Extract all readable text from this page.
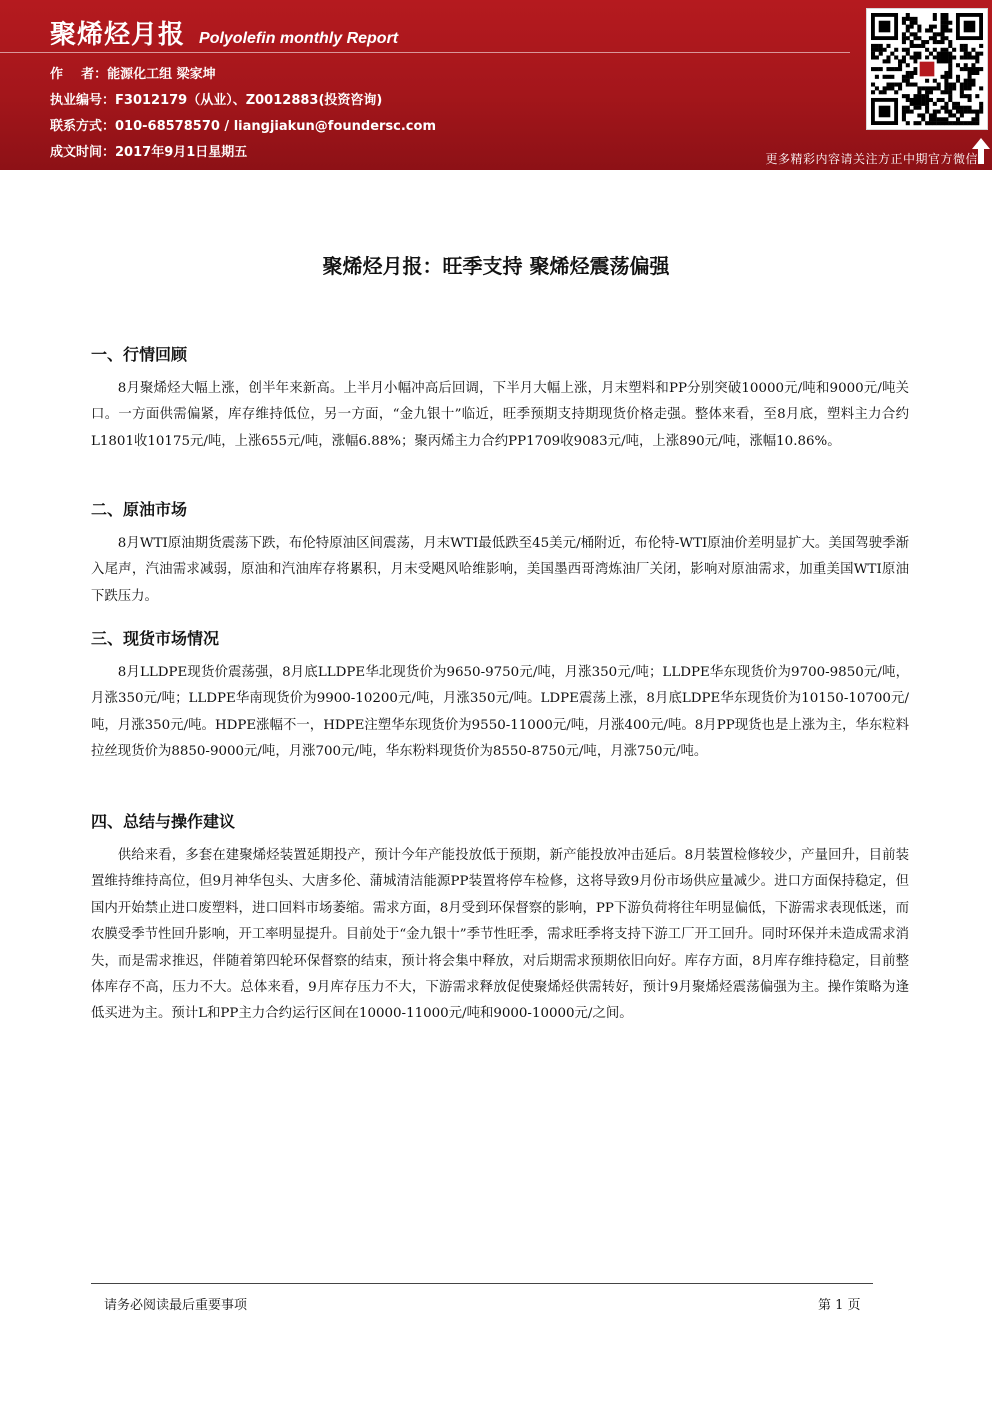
聚烯烃月报 Polyolefin monthly Report
作    者：能源化工组 梁家坤
执业编号：F3012179（从业）、Z0012883(投资咨询)
联系方式：010-68578570 / liangjiakun@foundersc.com
成文时间：2017年9月1日星期五	更多精彩内容请关注方正中期官方微信
聚烯烃月报：旺季支持 聚烯烃震荡偏强
一、行情回顾

8月聚烯烃大幅上涨，创半年来新高。上半月小幅冲高后回调，下半月大幅上涨，月末塑料和PP分别突破10000元/吨和9000元/吨关口。一方面供需偏紧，库存维持低位，另一方面，“金九银十”临近，旺季预期支持期现货价格走强。整体来看，至8月底，塑料主力合约L1801收10175元/吨，上涨655元/吨，涨幅6.88%；聚丙烯主力合约PP1709收9083元/吨，上涨890元/吨，涨幅10.86%。

二、原油市场

8月WTI原油期货震荡下跌，布伦特原油区间震荡，月末WTI最低跌至45美元/桶附近，布伦特-WTI原油价差明显扩大。美国驾驶季渐入尾声，汽油需求减弱，原油和汽油库存将累积，月末受飓风哈维影响，美国墨西哥湾炼油厂关闭，影响对原油需求，加重美国WTI原油下跌压力。

三、现货市场情况

8月LLDPE现货价震荡强，8月底LLDPE华北现货价为9650-9750元/吨，月涨350元/吨；LLDPE华东现货价为9700-9850元/吨，月涨350元/吨；LLDPE华南现货价为9900-10200元/吨，月涨350元/吨。LDPE震荡上涨，8月底LDPE华东现货价为10150-10700元/吨，月涨350元/吨。HDPE涨幅不一，HDPE注塑华东现货价为9550-11000元/吨，月涨400元/吨。8月PP现货也是上涨为主，华东粒料拉丝现货价为8850-9000元/吨，月涨700元/吨，华东粉料现货价为8550-8750元/吨，月涨750元/吨。

四、总结与操作建议

供给来看，多套在建聚烯烃装置延期投产，预计今年产能投放低于预期，新产能投放冲击延后。8月装置检修较少，产量回升，目前装置维持维持高位，但9月神华包头、大唐多伦、蒲城清洁能源PP装置将停车检修，这将导致9月份市场供应量减少。进口方面保持稳定，但国内开始禁止进口废塑料，进口回料市场萎缩。需求方面，8月受到环保督察的影响，PP下游负荷将往年明显偏低，下游需求表现低迷，而农膜受季节性回升影响，开工率明显提升。目前处于“金九银十”季节性旺季，需求旺季将支持下游工厂开工回升。同时环保并未造成需求消失，而是需求推迟，伴随着第四轮环保督察的结束，预计将会集中释放，对后期需求预期依旧向好。库存方面，8月库存维持稳定，目前整体库存不高，压力不大。总体来看，9月库存压力不大，下游需求释放促使聚烯烃供需转好，预计9月聚烯烃震荡偏强为主。操作策略为逢低买进为主。预计L和PP主力合约运行区间在10000-11000元/吨和9000-10000元/之间。

请务必阅读最后重要事项	第 1 页
